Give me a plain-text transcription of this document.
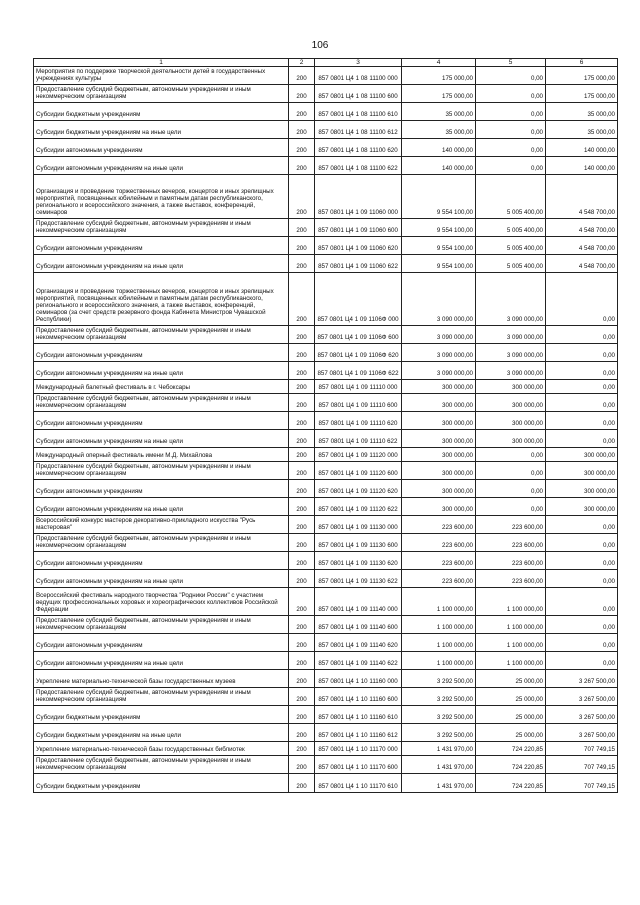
106
1	2	3	4	5	6
Мероприятия по поддержке творческой деятельности детей в государственных учреждениях культуры	200	857 0801 Ц4 1 08 11100 000	175 000,00	0,00	175 000,00
Предоставление субсидий бюджетным, автономным учреждениям и иным некоммерческим организациям	200	857 0801 Ц4 1 08 11100 600	175 000,00	0,00	175 000,00
Субсидии бюджетным учреждениям	200	857 0801 Ц4 1 08 11100 610	35 000,00	0,00	35 000,00
Субсидии бюджетным учреждениям на иные цели	200	857 0801 Ц4 1 08 11100 612	35 000,00	0,00	35 000,00
Субсидии автономным учреждениям	200	857 0801 Ц4 1 08 11100 620	140 000,00	0,00	140 000,00
Субсидии автономным учреждениям на иные цели	200	857 0801 Ц4 1 08 11100 622	140 000,00	0,00	140 000,00
Организация и проведение торжественных вечеров, концертов и иных зрелищных мероприятий, посвященных юбилейным и памятным датам республиканского, регионального и всероссийского значения, а также выставок, конференций, семинаров	200	857 0801 Ц4 1 09 11060 000	9 554 100,00	5 005 400,00	4 548 700,00
Предоставление субсидий бюджетным, автономным учреждениям и иным некоммерческим организациям	200	857 0801 Ц4 1 09 11060 600	9 554 100,00	5 005 400,00	4 548 700,00
Субсидии автономным учреждениям	200	857 0801 Ц4 1 09 11060 620	9 554 100,00	5 005 400,00	4 548 700,00
Субсидии автономным учреждениям на иные цели	200	857 0801 Ц4 1 09 11060 622	9 554 100,00	5 005 400,00	4 548 700,00
Организация и проведение торжественных вечеров, концертов и иных зрелищных мероприятий, посвященных юбилейным и памятным датам республиканского, регионального и всероссийского значения, а также выставок, конференций, семинаров (за счет средств резервного фонда Кабинета Министров Чувашской Республики)	200	857 0801 Ц4 1 09 1106Ф 000	3 090 000,00	3 090 000,00	0,00
Предоставление субсидий бюджетным, автономным учреждениям и иным некоммерческим организациям	200	857 0801 Ц4 1 09 1106Ф 600	3 090 000,00	3 090 000,00	0,00
Субсидии автономным учреждениям	200	857 0801 Ц4 1 09 1106Ф 620	3 090 000,00	3 090 000,00	0,00
Субсидии автономным учреждениям на иные цели	200	857 0801 Ц4 1 09 1106Ф 622	3 090 000,00	3 090 000,00	0,00
Международный балетный фестиваль в г. Чебоксары	200	857 0801 Ц4 1 09 11110 000	300 000,00	300 000,00	0,00
Предоставление субсидий бюджетным, автономным учреждениям и иным некоммерческим организациям	200	857 0801 Ц4 1 09 11110 600	300 000,00	300 000,00	0,00
Субсидии автономным учреждениям	200	857 0801 Ц4 1 09 11110 620	300 000,00	300 000,00	0,00
Субсидии автономным учреждениям на иные цели	200	857 0801 Ц4 1 09 11110 622	300 000,00	300 000,00	0,00
Международный оперный фестиваль имени М.Д. Михайлова	200	857 0801 Ц4 1 09 11120 000	300 000,00	0,00	300 000,00
Предоставление субсидий бюджетным, автономным учреждениям и иным некоммерческим организациям	200	857 0801 Ц4 1 09 11120 600	300 000,00	0,00	300 000,00
Субсидии автономным учреждениям	200	857 0801 Ц4 1 09 11120 620	300 000,00	0,00	300 000,00
Субсидии автономным учреждениям на иные цели	200	857 0801 Ц4 1 09 11120 622	300 000,00	0,00	300 000,00
Всероссийский конкурс мастеров декоративно-прикладного искусства "Русь мастеровая"	200	857 0801 Ц4 1 09 11130 000	223 600,00	223 600,00	0,00
Предоставление субсидий бюджетным, автономным учреждениям и иным некоммерческим организациям	200	857 0801 Ц4 1 09 11130 600	223 600,00	223 600,00	0,00
Субсидии автономным учреждениям	200	857 0801 Ц4 1 09 11130 620	223 600,00	223 600,00	0,00
Субсидии автономным учреждениям на иные цели	200	857 0801 Ц4 1 09 11130 622	223 600,00	223 600,00	0,00
Всероссийский фестиваль народного творчества "Родники России" с участием ведущих профессиональных хоровых и хореографических коллективов Российской Федерации	200	857 0801 Ц4 1 09 11140 000	1 100 000,00	1 100 000,00	0,00
Предоставление субсидий бюджетным, автономным учреждениям и иным некоммерческим организациям	200	857 0801 Ц4 1 09 11140 600	1 100 000,00	1 100 000,00	0,00
Субсидии автономным учреждениям	200	857 0801 Ц4 1 09 11140 620	1 100 000,00	1 100 000,00	0,00
Субсидии автономным учреждениям на иные цели	200	857 0801 Ц4 1 09 11140 622	1 100 000,00	1 100 000,00	0,00
Укрепление материально-технической базы государственных музеев	200	857 0801 Ц4 1 10 11160 000	3 292 500,00	25 000,00	3 267 500,00
Предоставление субсидий бюджетным, автономным учреждениям и иным некоммерческим организациям	200	857 0801 Ц4 1 10 11160 600	3 292 500,00	25 000,00	3 267 500,00
Субсидии бюджетным учреждениям	200	857 0801 Ц4 1 10 11160 610	3 292 500,00	25 000,00	3 267 500,00
Субсидии бюджетным учреждениям на иные цели	200	857 0801 Ц4 1 10 11160 612	3 292 500,00	25 000,00	3 267 500,00
Укрепление материально-технической базы государственных библиотек	200	857 0801 Ц4 1 10 11170 000	1 431 970,00	724 220,85	707 749,15
Предоставление субсидий бюджетным, автономным учреждениям и иным некоммерческим организациям	200	857 0801 Ц4 1 10 11170 600	1 431 970,00	724 220,85	707 749,15
Субсидии бюджетным учреждениям	200	857 0801 Ц4 1 10 11170 610	1 431 970,00	724 220,85	707 749,15
